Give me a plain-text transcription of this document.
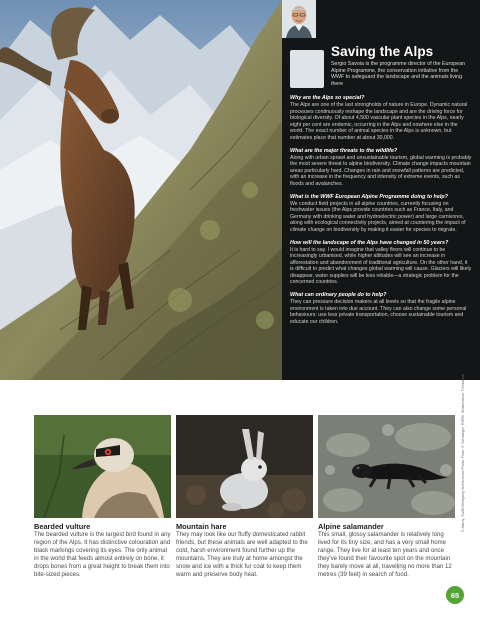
Saving the Alps

Sergio Savoia is the programme director of the European Alpine Programme, the conservation initiative from the WWF to safeguard the landscape and the animals living there

Why are the Alps so special?

The Alps are one of the last strongholds of nature in Europe. Dynamic natural processes continuously reshape the landscape and are the driving force for biological diversity. Of about 4,500 vascular plant species in the Alps, nearly eight per cent are endemic, occurring in the Alps and nowhere else in the world. The exact number of animal species in the Alps is unknown, but estimates place that number at about 30,000.

What are the major threats to the wildlife?

Along with urban sprawl and unsustainable tourism, global warming is probably the most severe threat to alpine biodiversity. Climate change impacts mountain areas particularly hard. Changes in rain and snowfall patterns are predicted, with an increase in the frequency and intensity of extreme events, such as floods and avalanches.

What is the WWF European Alpine Programme doing to help?

We conduct field projects in all alpine countries, currently focusing on freshwater issues (the Alps provide countries such as France, Italy, and Germany with drinking water and hydroelectric power) and large carnivores, along with ecological connectivity projects, aimed at countering the impact of climate change on biodiversity by making it easier for species to migrate.

How will the landscape of the Alps have changed in 50 years?

It is hard to say. I would imagine that valley floors will continue to be increasingly urbanised, while higher altitudes will see an increase in afforestation and abandonment of traditional agriculture. On the other hand, it is difficult to predict what changes global warming will cause. Glaciers will likely disappear, water supplies will be less reliable—a strategic problem for the concerned countries.

What can ordinary people do to help?

They can pressure decision makers at all levels so that the fragile alpine environment is taken into due account. They can also change some personal behaviours: use less private transportation, choose sustainable tourism and educate our children.

Bearded vulture

The bearded vulture is the largest bird found in any region of the Alps. It has distinctive colouration and black markings covering its eyes. The only animal in the world that feeds almost entirely on bone, it drops bones from a great height to break them into bite-sized pieces.

Mountain hare

They may look like our fluffy domesticated rabbit friends, but these animals are well adapted to the cold, harsh environment found further up the mountains. They are truly at home amongst the snow and ice with a thick fur coat to keep them warm and preserve body heat.

Alpine salamander

This small, glossy salamander is relatively long lived for its tiny size, and has a very small home range. They live for at least ten years and once they've found their favourite spot on the mountain they barely move at all, travelling no more than 12 metres (39 feet) in search of food.

© Alamy; SuSE/Wolfgang Veit/Science Photo; Flickr: F. Schwaiger; RSPB; Shutterstock; Thinkstock
65
